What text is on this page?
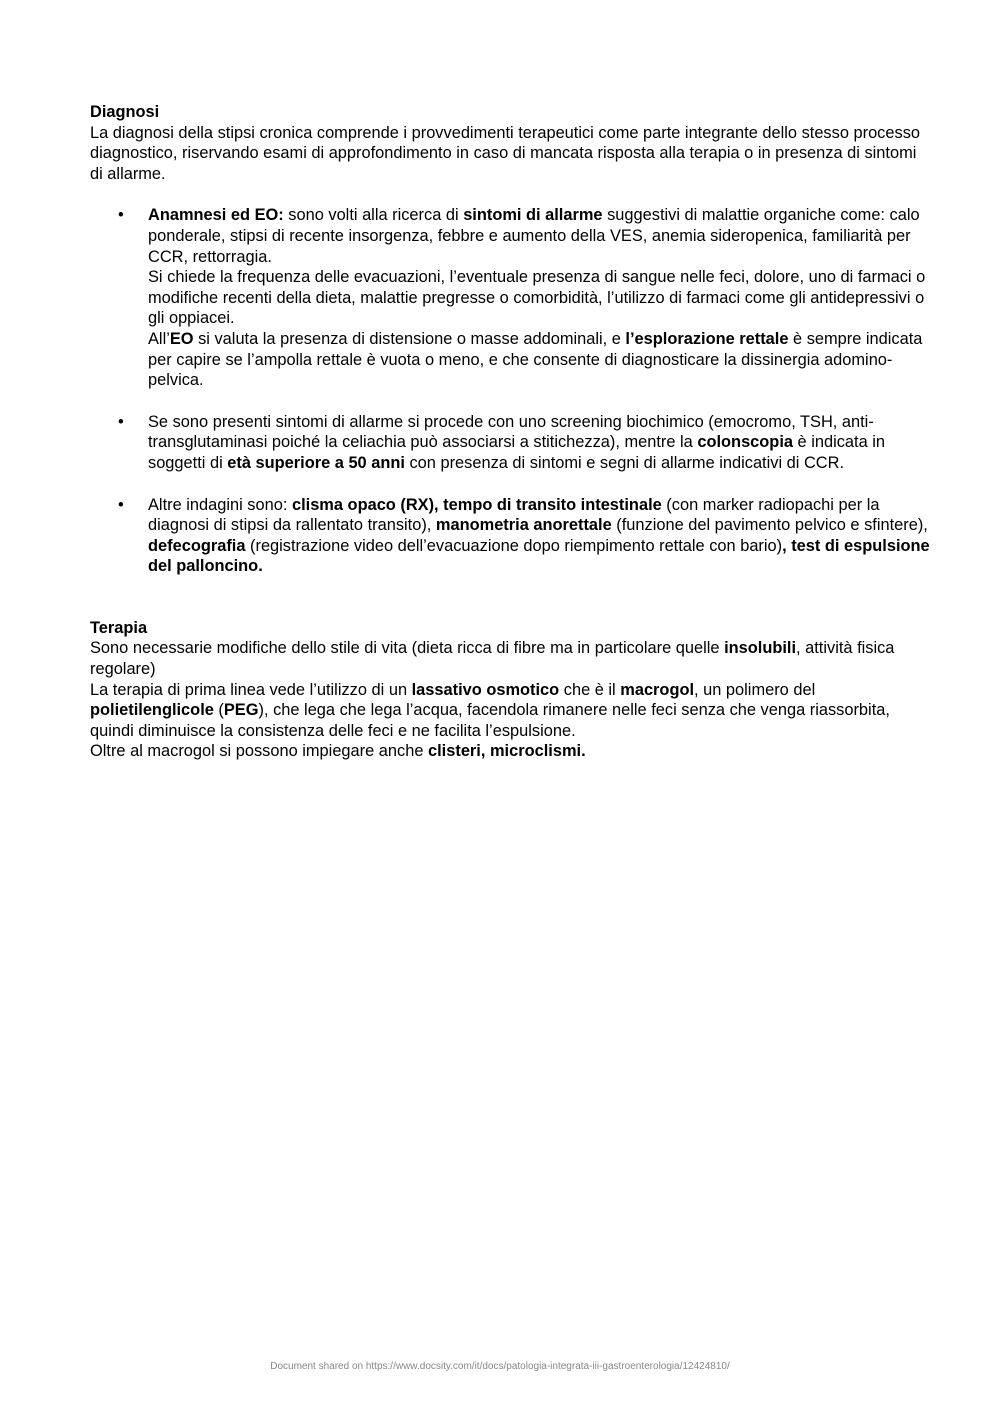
Diagnosi

La diagnosi della stipsi cronica comprende i provvedimenti terapeutici come parte integrante dello stesso processo diagnostico, riservando esami di approfondimento in caso di mancata risposta alla terapia o in presenza di sintomi di allarme.

• Anamnesi ed EO: sono volti alla ricerca di sintomi di allarme suggestivi di malattie organiche come: calo ponderale, stipsi di recente insorgenza, febbre e aumento della VES, anemia sideropenica, familiarità per CCR, rettorragia.

Si chiede la frequenza delle evacuazioni, l’eventuale presenza di sangue nelle feci, dolore, uno di farmaci o modifiche recenti della dieta, malattie pregresse o comorbidità, l’utilizzo di farmaci come gli antidepressivi o gli oppiacei.

All’EO si valuta la presenza di distensione o masse addominali, e l’esplorazione rettale è sempre indicata per capire se l’ampolla rettale è vuota o meno, e che consente di diagnosticare la dissinergia adomino-pelvica.

• Se sono presenti sintomi di allarme si procede con uno screening biochimico (emocromo, TSH, anti-transglutaminasi poiché la celiachia può associarsi a stitichezza), mentre la colonscopia è indicata in soggetti di età superiore a 50 anni con presenza di sintomi e segni di allarme indicativi di CCR.

• Altre indagini sono: clisma opaco (RX), tempo di transito intestinale (con marker radiopachi per la diagnosi di stipsi da rallentato transito), manometria anorettale (funzione del pavimento pelvico e sfintere), defecografia (registrazione video dell’evacuazione dopo riempimento rettale con bario), test di espulsione del palloncino.

Terapia

Sono necessarie modifiche dello stile di vita (dieta ricca di fibre ma in particolare quelle insolubili, attività fisica regolare)

La terapia di prima linea vede l’utilizzo di un lassativo osmotico che è il macrogol, un polimero del polietilenglicole (PEG), che lega che lega l’acqua, facendola rimanere nelle feci senza che venga riassorbita, quindi diminuisce la consistenza delle feci e ne facilita l’espulsione.

Oltre al macrogol si possono impiegare anche clisteri, microclismi.

Document shared on https://www.docsity.com/it/docs/patologia-integrata-iii-gastroenterologia/12424810/
